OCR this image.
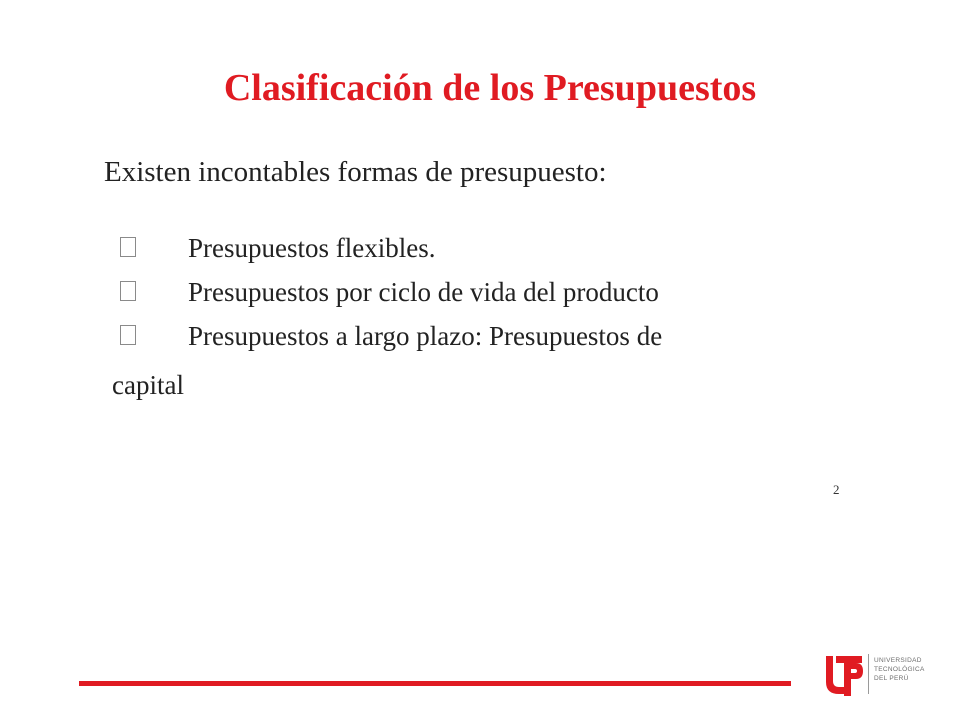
Clasificación de los Presupuestos
Existen incontables formas de presupuesto:
Presupuestos flexibles.
Presupuestos por ciclo de vida del producto
Presupuestos a largo plazo: Presupuestos de
capital
2
UNIVERSIDAD
TECNOLÓGICA
DEL PERÚ
